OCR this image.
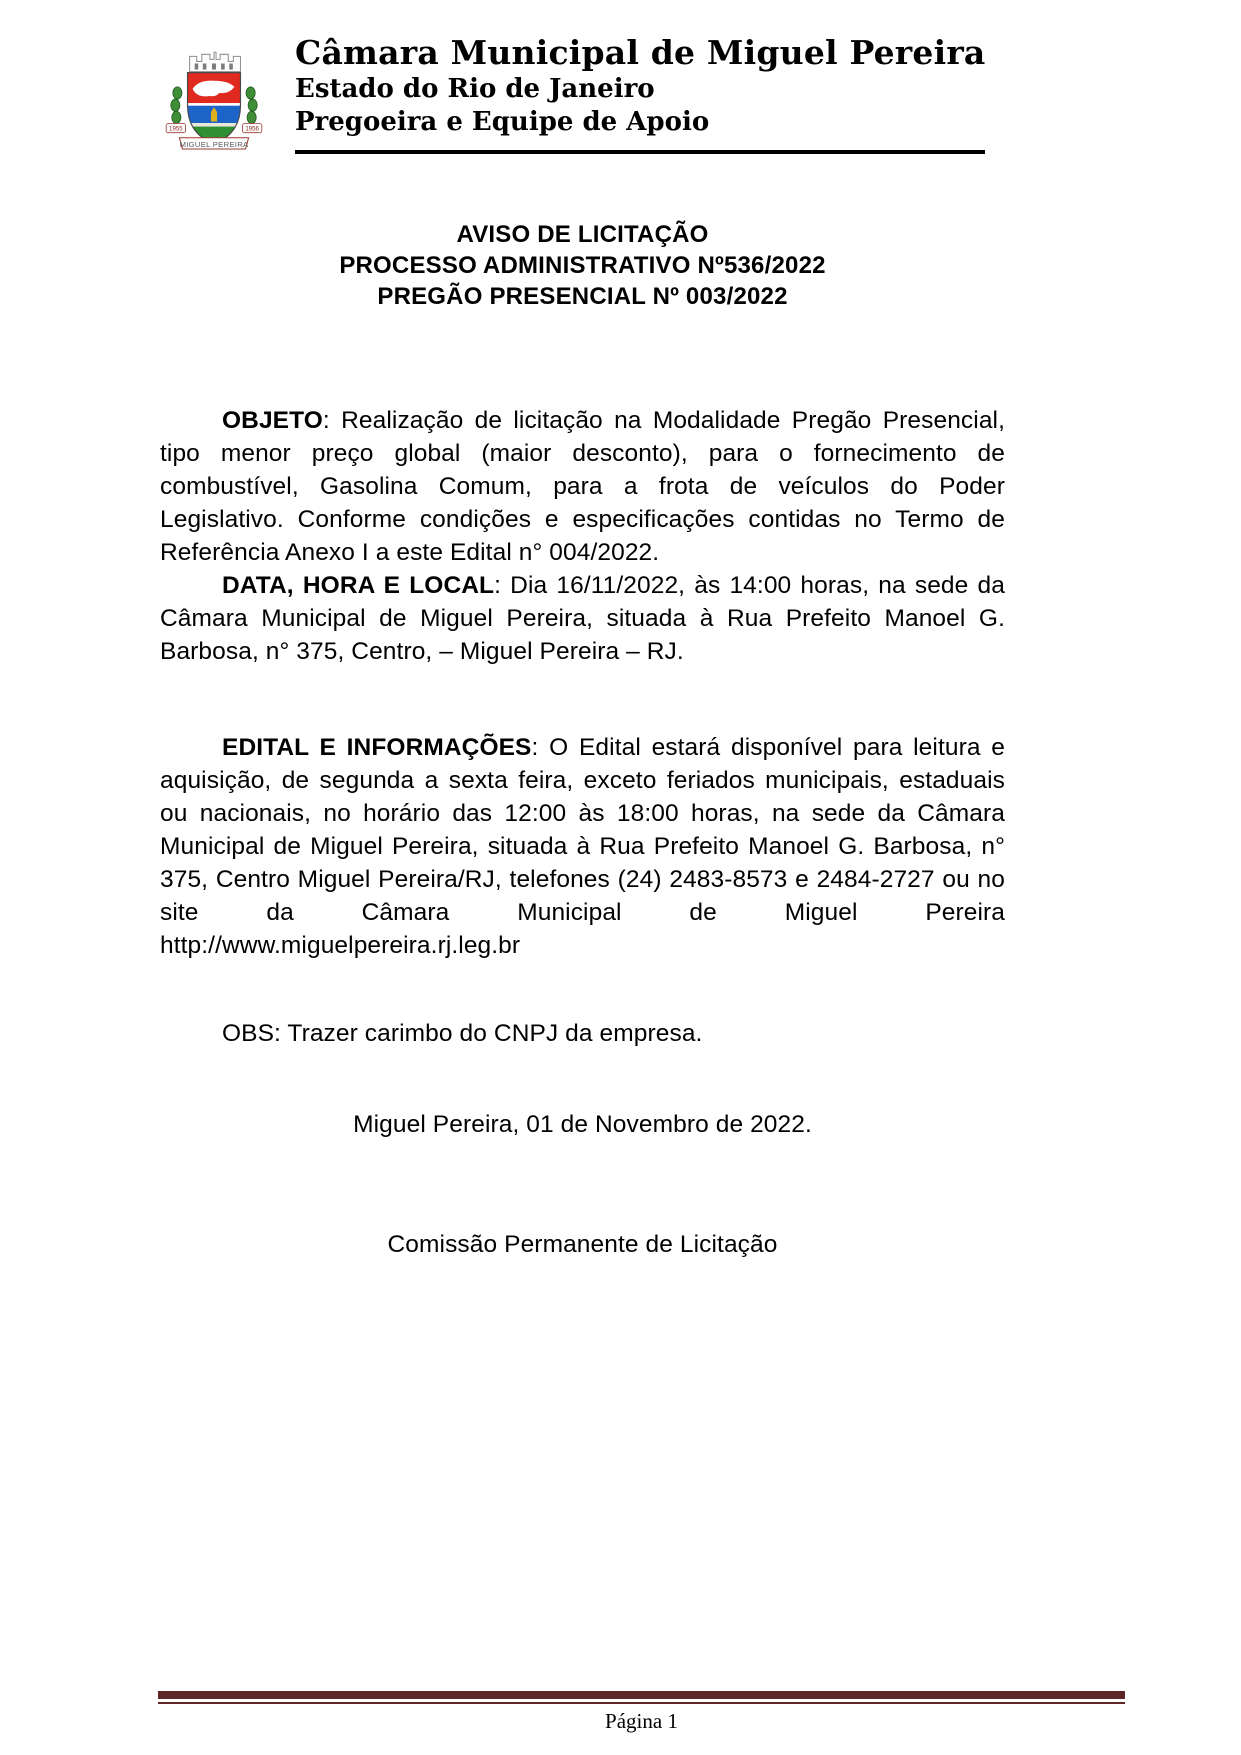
1955	1956
MIGUEL PEREIRA
Câmara Municipal de Miguel Pereira
Estado do Rio de Janeiro
Pregoeira e Equipe de Apoio
AVISO DE LICITAÇÃO
PROCESSO ADMINISTRATIVO Nº536/2022
PREGÃO PRESENCIAL Nº 003/2022

OBJETO: Realização de licitação na Modalidade Pregão Presencial, tipo menor preço global (maior desconto), para o fornecimento de combustível, Gasolina Comum, para a frota de veículos do Poder Legislativo. Conforme condições e especificações contidas no Termo de Referência Anexo I a este Edital n° 004/2022.

DATA, HORA E LOCAL: Dia 16/11/2022, às 14:00 horas, na sede da Câmara Municipal de Miguel Pereira, situada à Rua Prefeito Manoel G. Barbosa, n° 375, Centro, – Miguel Pereira – RJ.

EDITAL E INFORMAÇÕES: O Edital estará disponível para leitura e aquisição, de segunda a sexta feira, exceto feriados municipais, estaduais ou nacionais, no horário das 12:00 às 18:00 horas, na sede da Câmara Municipal de Miguel Pereira, situada à Rua Prefeito Manoel G. Barbosa, n° 375, Centro Miguel Pereira/RJ, telefones (24) 2483-8573 e 2484-2727 ou no site da Câmara Municipal de Miguel Pereira http://www.miguelpereira.rj.leg.br

OBS: Trazer carimbo do CNPJ da empresa.

Miguel Pereira, 01 de Novembro de 2022.

Comissão Permanente de Licitação

Página 1
